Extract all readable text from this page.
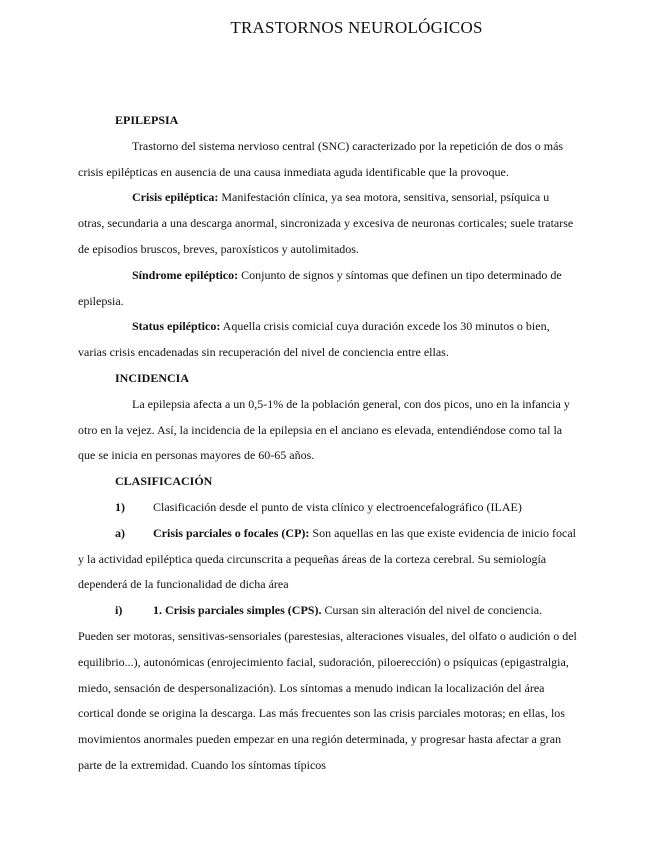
TRASTORNOS NEUROLÓGICOS
EPILEPSIA
Trastorno del sistema nervioso central (SNC) caracterizado por la repetición de dos o más crisis epilépticas en ausencia de una causa inmediata aguda identificable que la provoque.
Crisis epiléptica: Manifestación clínica, ya sea motora, sensitiva, sensorial, psíquica u otras, secundaria a una descarga anormal, sincronizada y excesiva de neuronas corticales; suele tratarse de episodios bruscos, breves, paroxísticos y autolimitados.
Síndrome epiléptico: Conjunto de signos y síntomas que definen un tipo determinado de epilepsia.
Status epiléptico: Aquella crisis comicial cuya duración excede los 30 minutos o bien, varias crisis encadenadas sin recuperación del nivel de conciencia entre ellas.
INCIDENCIA
La epilepsia afecta a un 0,5-1% de la población general, con dos picos, uno en la infancia y otro en la vejez. Así, la incidencia de la epilepsia en el anciano es elevada, entendiéndose como tal la que se inicia en personas mayores de 60-65 años.
CLASIFICACIÓN
1) Clasificación desde el punto de vista clínico y electroencefalográfico (ILAE)
a) Crisis parciales o focales (CP): Son aquellas en las que existe evidencia de inicio focal y la actividad epiléptica queda circunscrita a pequeñas áreas de la corteza cerebral. Su semiología dependerá de la funcionalidad de dicha área
i)	1. Crisis parciales simples (CPS). Cursan sin alteración del nivel de conciencia. Pueden ser motoras, sensitivas-sensoriales (parestesias, alteraciones visuales, del olfato o audición o del equilibrio...), autonómicas (enrojecimiento facial, sudoración, piloerección) o psíquicas (epigastralgia, miedo, sensación de despersonalización). Los síntomas a menudo indican la localización del área cortical donde se origina la descarga. Las más frecuentes son las crisis parciales motoras; en ellas, los movimientos anormales pueden empezar en una región determinada, y progresar hasta afectar a gran parte de la extremidad. Cuando los síntomas típicos
